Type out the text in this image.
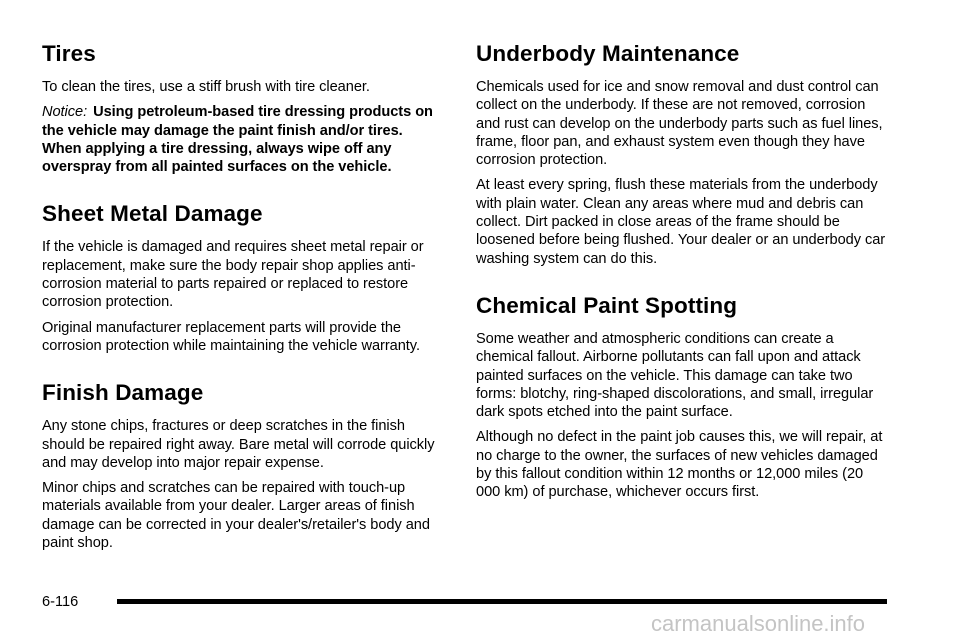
Tires

To clean the tires, use a stiff brush with tire cleaner.

Notice: Using petroleum-based tire dressing products on the vehicle may damage the paint finish and/or tires. When applying a tire dressing, always wipe off any overspray from all painted surfaces on the vehicle.

Sheet Metal Damage

If the vehicle is damaged and requires sheet metal repair or replacement, make sure the body repair shop applies anti-corrosion material to parts repaired or replaced to restore corrosion protection.

Original manufacturer replacement parts will provide the corrosion protection while maintaining the vehicle warranty.

Finish Damage

Any stone chips, fractures or deep scratches in the finish should be repaired right away. Bare metal will corrode quickly and may develop into major repair expense.

Minor chips and scratches can be repaired with touch-up materials available from your dealer. Larger areas of finish damage can be corrected in your dealer's/retailer's body and paint shop.

Underbody Maintenance

Chemicals used for ice and snow removal and dust control can collect on the underbody. If these are not removed, corrosion and rust can develop on the underbody parts such as fuel lines, frame, floor pan, and exhaust system even though they have corrosion protection.

At least every spring, flush these materials from the underbody with plain water. Clean any areas where mud and debris can collect. Dirt packed in close areas of the frame should be loosened before being flushed. Your dealer or an underbody car washing system can do this.

Chemical Paint Spotting

Some weather and atmospheric conditions can create a chemical fallout. Airborne pollutants can fall upon and attack painted surfaces on the vehicle. This damage can take two forms: blotchy, ring-shaped discolorations, and small, irregular dark spots etched into the paint surface.

Although no defect in the paint job causes this, we will repair, at no charge to the owner, the surfaces of new vehicles damaged by this fallout condition within 12 months or 12,000 miles (20 000 km) of purchase, whichever occurs first.

6-116
carmanualsonline.info
